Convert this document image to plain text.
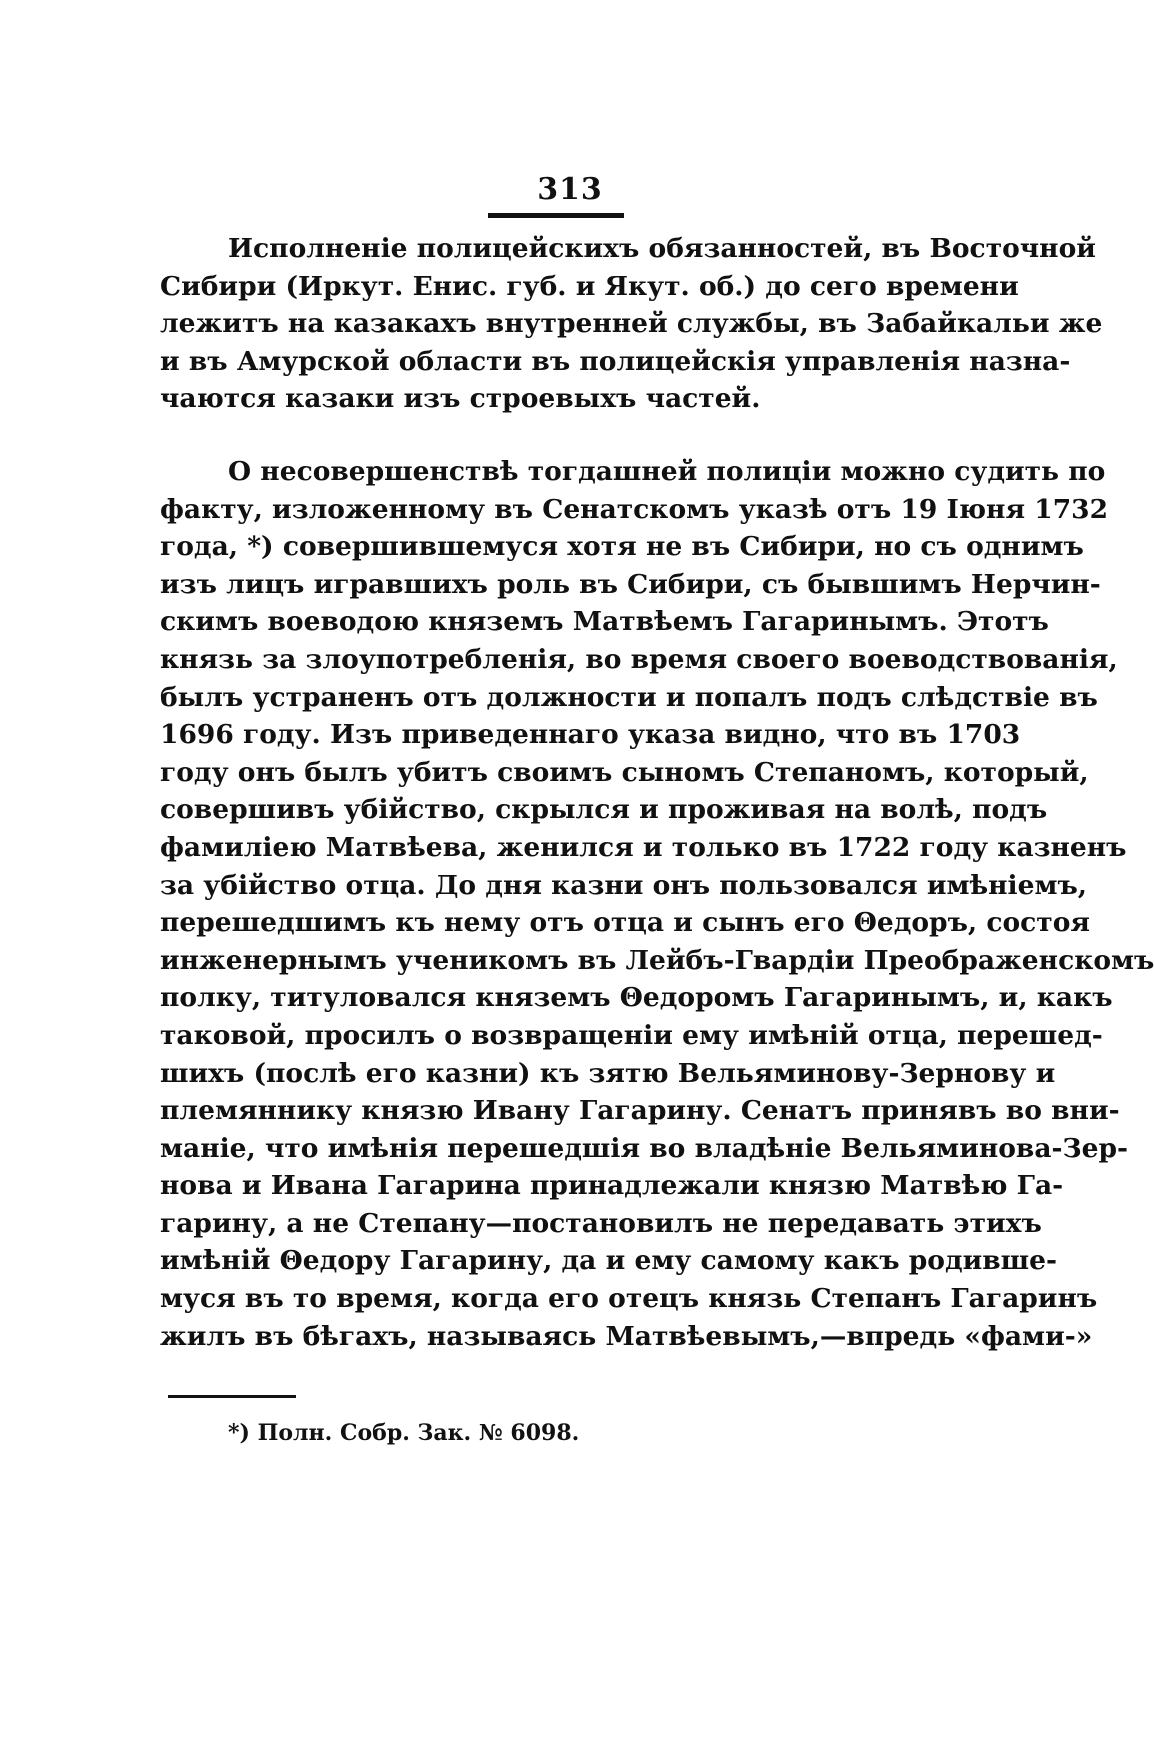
313
Исполненіе полицейскихъ обязанностей, въ Восточной
Сибири (Иркут. Енис. губ. и Якут. об.) до сего времени
лежитъ на казакахъ внутренней службы, въ Забайкальи же
и въ Амурской области въ полицейскія управленія назна-
чаются казаки изъ строевыхъ частей.
О несовершенствѣ тогдашней полиціи можно судить по
факту, изложенному въ Сенатскомъ указѣ отъ 19 Іюня 1732
года, *) совершившемуся хотя не въ Сибири, но съ однимъ
изъ лицъ игравшихъ роль въ Сибири, съ бывшимъ Нерчин-
скимъ воеводою княземъ Матвѣемъ Гагаринымъ. Этотъ
князь за злоупотребленія, во время своего воеводствованія,
былъ устраненъ отъ должности и попалъ подъ слѣдствіе въ
1696 году. Изъ приведеннаго указа видно, что въ 1703
году онъ былъ убитъ своимъ сыномъ Степаномъ, который,
совершивъ убійство, скрылся и проживая на волѣ, подъ
фамиліею Матвѣева, женился и только въ 1722 году казненъ
за убійство отца. До дня казни онъ пользовался имѣніемъ,
перешедшимъ къ нему отъ отца и сынъ его Θедоръ, состоя
инженернымъ ученикомъ въ Лейбъ-Гвардіи Преображенскомъ
полку, титуловался княземъ Θедоромъ Гагаринымъ, и, какъ
таковой, просилъ о возвращеніи ему имѣній отца, перешед-
шихъ (послѣ его казни) къ зятю Вельяминову-Зернову и
племяннику князю Ивану Гагарину. Сенатъ принявъ во вни-
маніе, что имѣнія перешедшія во владѣніе Вельяминова-Зер-
нова и Ивана Гагарина принадлежали князю Матвѣю Га-
гарину, а не Степану—постановилъ не передавать этихъ
имѣній Θедору Гагарину, да и ему самому какъ родивше-
муся въ то время, когда его отецъ князь Степанъ Гагаринъ
жилъ въ бѣгахъ, называясь Матвѣевымъ,—впредь «фами-»
*) Полн. Собр. Зак. № 6098.
